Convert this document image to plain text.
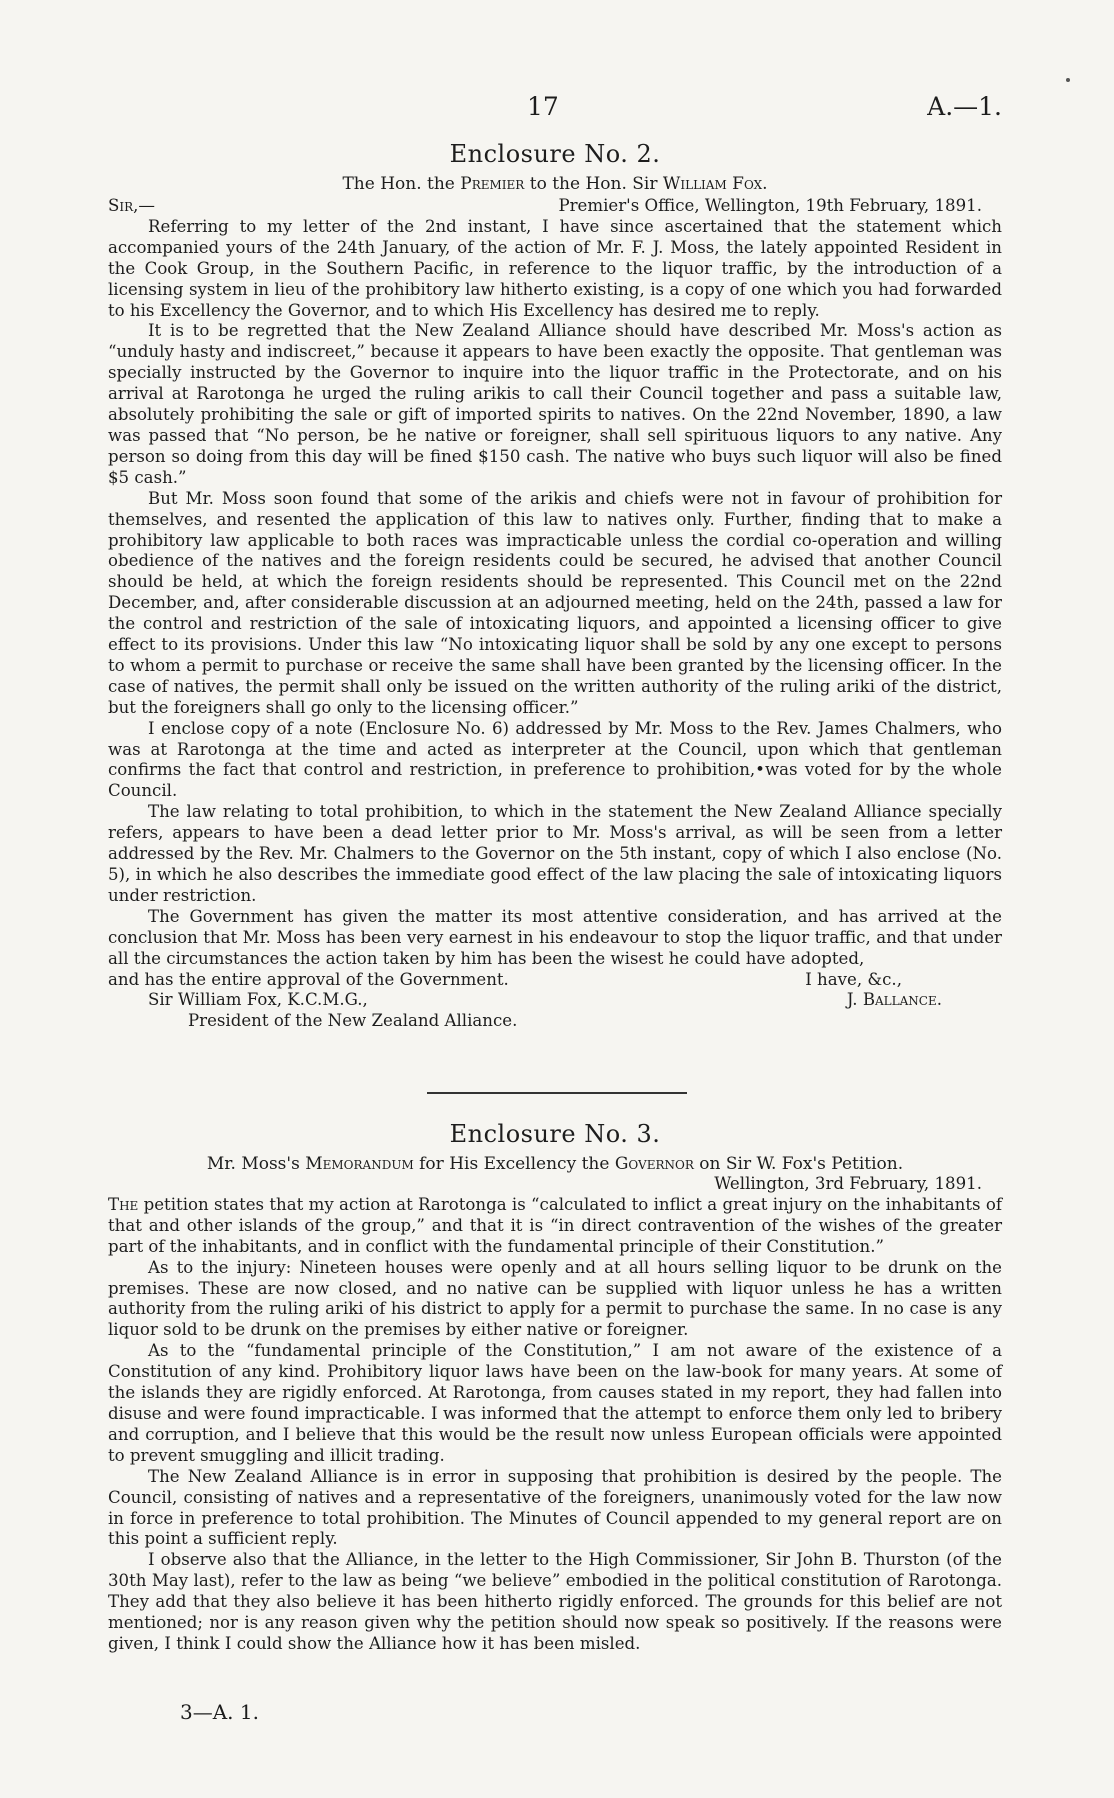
17	A.—1.
Enclosure No. 2.
The Hon. the Premier to the Hon. Sir William Fox.
Sir,—	Premier's Office, Wellington, 19th February, 1891.

Referring to my letter of the 2nd instant, I have since ascertained that the statement which accompanied yours of the 24th January, of the action of Mr. F. J. Moss, the lately appointed Resident in the Cook Group, in the Southern Pacific, in reference to the liquor traffic, by the introduction of a licensing system in lieu of the prohibitory law hitherto existing, is a copy of one which you had forwarded to his Excellency the Governor, and to which His Excellency has desired me to reply.

It is to be regretted that the New Zealand Alliance should have described Mr. Moss's action as “unduly hasty and indiscreet,” because it appears to have been exactly the opposite. That gentleman was specially instructed by the Governor to inquire into the liquor traffic in the Protectorate, and on his arrival at Rarotonga he urged the ruling arikis to call their Council together and pass a suitable law, absolutely prohibiting the sale or gift of imported spirits to natives. On the 22nd November, 1890, a law was passed that “No person, be he native or foreigner, shall sell spirituous liquors to any native. Any person so doing from this day will be fined $150 cash. The native who buys such liquor will also be fined $5 cash.”

But Mr. Moss soon found that some of the arikis and chiefs were not in favour of prohibition for themselves, and resented the application of this law to natives only. Further, finding that to make a prohibitory law applicable to both races was impracticable unless the cordial co-operation and willing obedience of the natives and the foreign residents could be secured, he advised that another Council should be held, at which the foreign residents should be represented. This Council met on the 22nd December, and, after considerable discussion at an adjourned meeting, held on the 24th, passed a law for the control and restriction of the sale of intoxicating liquors, and appointed a licensing officer to give effect to its provisions. Under this law “No intoxicating liquor shall be sold by any one except to persons to whom a permit to purchase or receive the same shall have been granted by the licensing officer. In the case of natives, the permit shall only be issued on the written authority of the ruling ariki of the district, but the foreigners shall go only to the licensing officer.”

I enclose copy of a note (Enclosure No. 6) addressed by Mr. Moss to the Rev. James Chalmers, who was at Rarotonga at the time and acted as interpreter at the Council, upon which that gentleman confirms the fact that control and restriction, in preference to prohibition,•was voted for by the whole Council.

The law relating to total prohibition, to which in the statement the New Zealand Alliance specially refers, appears to have been a dead letter prior to Mr. Moss's arrival, as will be seen from a letter addressed by the Rev. Mr. Chalmers to the Governor on the 5th instant, copy of which I also enclose (No. 5), in which he also describes the immediate good effect of the law placing the sale of intoxicating liquors under restriction.

The Government has given the matter its most attentive consideration, and has arrived at the conclusion that Mr. Moss has been very earnest in his endeavour to stop the liquor traffic, and that under all the circumstances the action taken by him has been the wisest he could have adopted,

and has the entire approval of the Government.	I have, &c.,
Sir William Fox, K.C.M.G.,	J. Ballance.
President of the New Zealand Alliance.
Enclosure No. 3.
Mr. Moss's Memorandum for His Excellency the Governor on Sir W. Fox's Petition.
Wellington, 3rd February, 1891.

The petition states that my action at Rarotonga is “calculated to inflict a great injury on the inhabitants of that and other islands of the group,” and that it is “in direct contravention of the wishes of the greater part of the inhabitants, and in conflict with the fundamental principle of their Constitution.”

As to the injury: Nineteen houses were openly and at all hours selling liquor to be drunk on the premises. These are now closed, and no native can be supplied with liquor unless he has a written authority from the ruling ariki of his district to apply for a permit to purchase the same. In no case is any liquor sold to be drunk on the premises by either native or foreigner.

As to the “fundamental principle of the Constitution,” I am not aware of the existence of a Constitution of any kind. Prohibitory liquor laws have been on the law-book for many years. At some of the islands they are rigidly enforced. At Rarotonga, from causes stated in my report, they had fallen into disuse and were found impracticable. I was informed that the attempt to enforce them only led to bribery and corruption, and I believe that this would be the result now unless European officials were appointed to prevent smuggling and illicit trading.

The New Zealand Alliance is in error in supposing that prohibition is desired by the people. The Council, consisting of natives and a representative of the foreigners, unanimously voted for the law now in force in preference to total prohibition. The Minutes of Council appended to my general report are on this point a sufficient reply.

I observe also that the Alliance, in the letter to the High Commissioner, Sir John B. Thurston (of the 30th May last), refer to the law as being “we believe” embodied in the political constitution of Rarotonga. They add that they also believe it has been hitherto rigidly enforced. The grounds for this belief are not mentioned; nor is any reason given why the petition should now speak so positively. If the reasons were given, I think I could show the Alliance how it has been misled.

3—A. 1.
